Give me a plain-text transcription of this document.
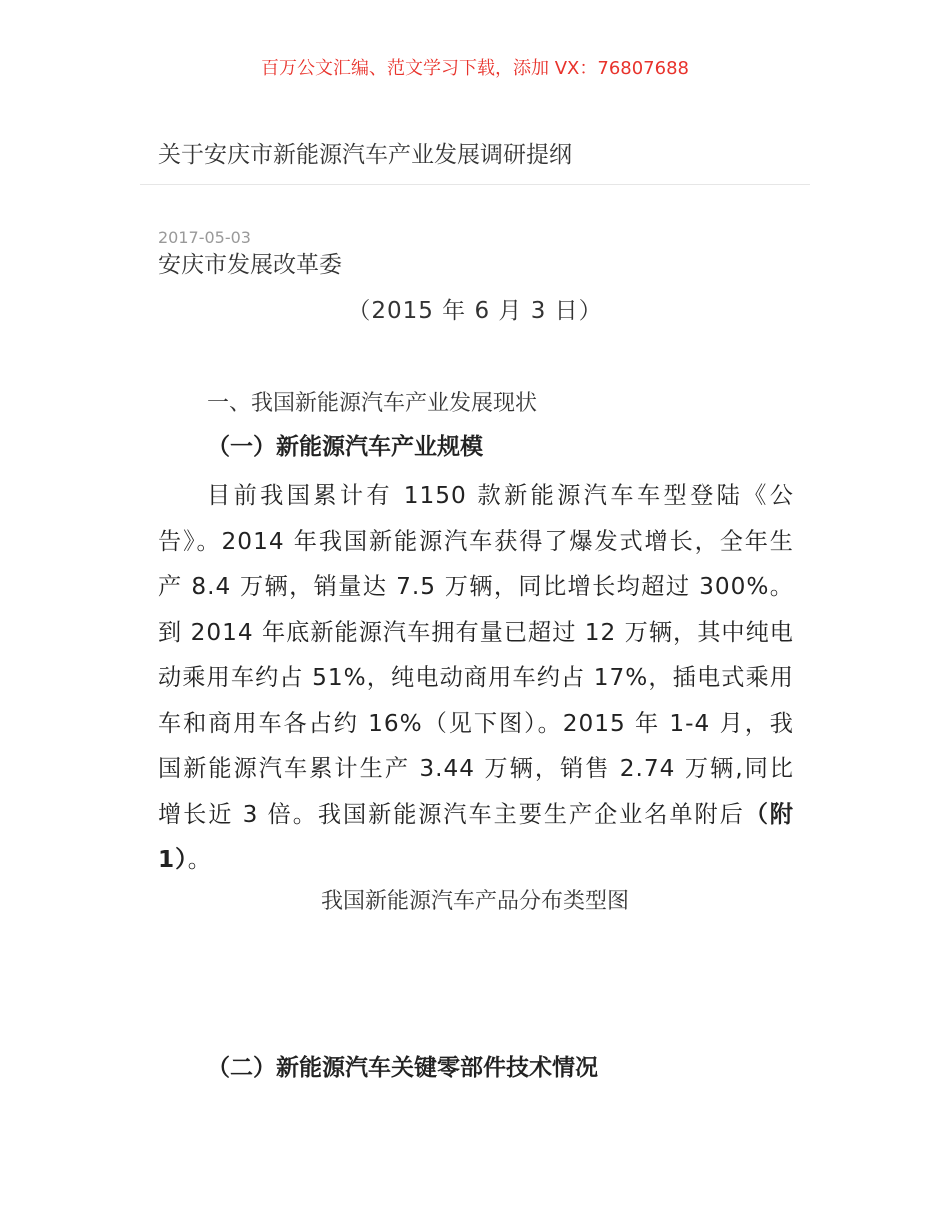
百万公文汇编、范文学习下载，添加 VX：76807688
关于安庆市新能源汽车产业发展调研提纲
2017-05-03
安庆市发展改革委
（2015 年 6 月 3 日）
一、我国新能源汽车产业发展现状
（一）新能源汽车产业规模
目前我国累计有 1150 款新能源汽车车型登陆《公告》。2014 年我国新能源汽车获得了爆发式增长，全年生产 8.4 万辆，销量达 7.5 万辆，同比增长均超过 300%。到 2014 年底新能源汽车拥有量已超过 12 万辆，其中纯电动乘用车约占 51%，纯电动商用车约占 17%，插电式乘用车和商用车各占约 16%（见下图）。2015 年 1-4 月，我国新能源汽车累计生产 3.44 万辆，销售 2.74 万辆,同比增长近 3 倍。我国新能源汽车主要生产企业名单附后（附 1）。
我国新能源汽车产品分布类型图
（二）新能源汽车关键零部件技术情况
